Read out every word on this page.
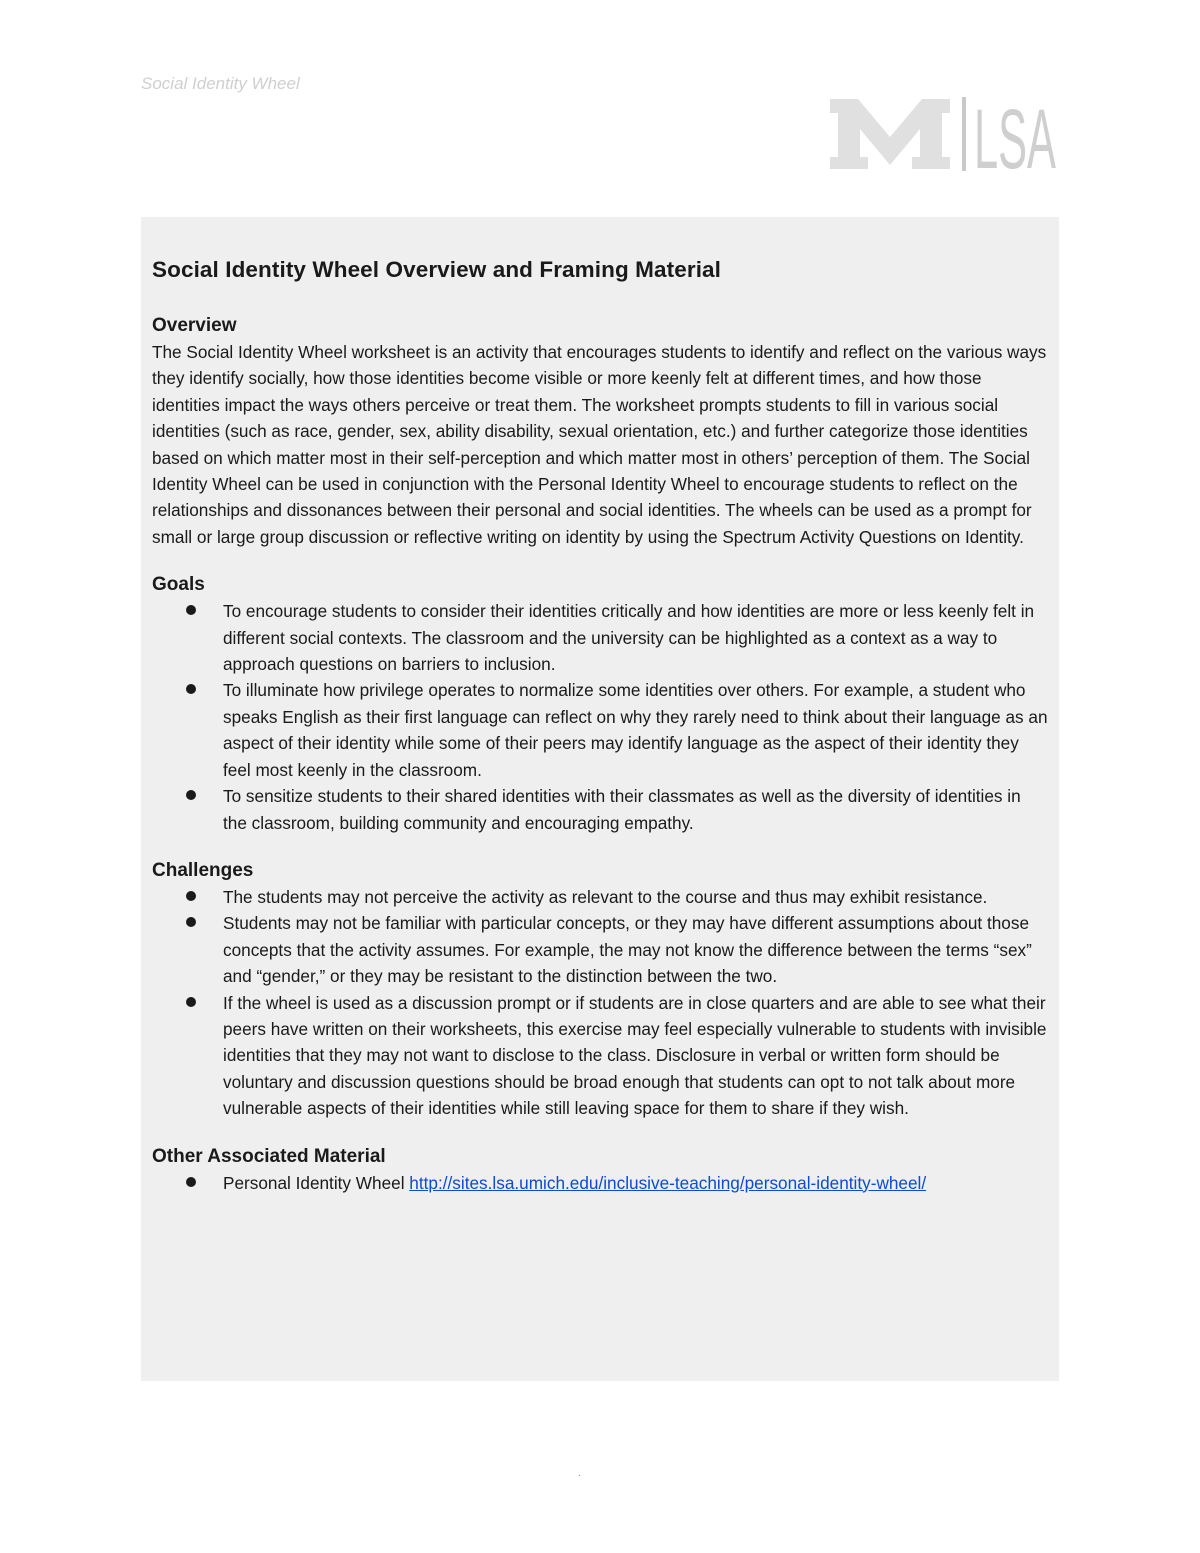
Social Identity Wheel
LSA
Social Identity Wheel Overview and Framing Material
Overview

The Social Identity Wheel worksheet is an activity that encourages students to identify and reflect on the various ways they identify socially, how those identities become visible or more keenly felt at different times, and how those identities impact the ways others perceive or treat them. The worksheet prompts students to fill in various social identities (such as race, gender, sex, ability disability, sexual orientation, etc.) and further categorize those identities based on which matter most in their self-perception and which matter most in others’ perception of them. The Social Identity Wheel can be used in conjunction with the Personal Identity Wheel to encourage students to reflect on the relationships and dissonances between their personal and social identities. The wheels can be used as a prompt for small or large group discussion or reflective writing on identity by using the Spectrum Activity Questions on Identity.

Goals
To encourage students to consider their identities critically and how identities are more or less keenly felt in different social contexts. The classroom and the university can be highlighted as a context as a way to approach questions on barriers to inclusion.
To illuminate how privilege operates to normalize some identities over others. For example, a student who speaks English as their first language can reflect on why they rarely need to think about their language as an aspect of their identity while some of their peers may identify language as the aspect of their identity they feel most keenly in the classroom.
To sensitize students to their shared identities with their classmates as well as the diversity of identities in the classroom, building community and encouraging empathy.
Challenges
The students may not perceive the activity as relevant to the course and thus may exhibit resistance.
Students may not be familiar with particular concepts, or they may have different assumptions about those concepts that the activity assumes. For example, the may not know the difference between the terms “sex” and “gender,” or they may be resistant to the distinction between the two.
If the wheel is used as a discussion prompt or if students are in close quarters and are able to see what their peers have written on their worksheets, this exercise may feel especially vulnerable to students with invisible identities that they may not want to disclose to the class. Disclosure in verbal or written form should be voluntary and discussion questions should be broad enough that students can opt to not talk about more vulnerable aspects of their identities while still leaving space for them to share if they wish.
Other Associated Material
Personal Identity Wheel http://sites.lsa.umich.edu/inclusive-teaching/personal-identity-wheel/
.
